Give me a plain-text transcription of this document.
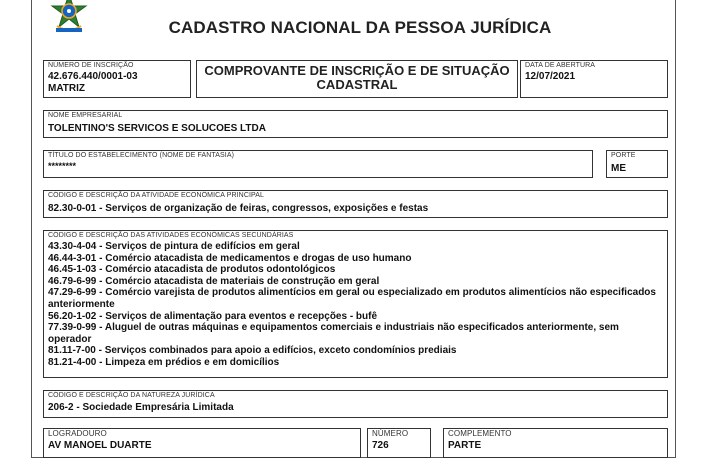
CADASTRO NACIONAL DA PESSOA JURÍDICA
NÚMERO DE INSCRIÇÃO
42.676.440/0001-03
MATRIZ
COMPROVANTE DE INSCRIÇÃO E DE SITUAÇÃO
CADASTRAL
DATA DE ABERTURA
12/07/2021
NOME EMPRESARIAL
TOLENTINO'S SERVICOS E SOLUCOES LTDA
TÍTULO DO ESTABELECIMENTO (NOME DE FANTASIA)
********
PORTE
ME
CÓDIGO E DESCRIÇÃO DA ATIVIDADE ECONÔMICA PRINCIPAL
82.30-0-01 - Serviços de organização de feiras, congressos, exposições e festas
CÓDIGO E DESCRIÇÃO DAS ATIVIDADES ECONÔMICAS SECUNDÁRIAS
43.30-4-04 - Serviços de pintura de edifícios em geral
46.44-3-01 - Comércio atacadista de medicamentos e drogas de uso humano
46.45-1-03 - Comércio atacadista de produtos odontológicos
46.79-6-99 - Comércio atacadista de materiais de construção em geral
47.29-6-99 - Comércio varejista de produtos alimentícios em geral ou especializado em produtos alimentícios não especificados anteriormente
56.20-1-02 - Serviços de alimentação para eventos e recepções - bufê
77.39-0-99 - Aluguel de outras máquinas e equipamentos comerciais e industriais não especificados anteriormente, sem operador
81.11-7-00 - Serviços combinados para apoio a edifícios, exceto condomínios prediais
81.21-4-00 - Limpeza em prédios e em domicílios
CÓDIGO E DESCRIÇÃO DA NATUREZA JURÍDICA
206-2 - Sociedade Empresária Limitada
LOGRADOURO
AV MANOEL DUARTE
NÚMERO
726
COMPLEMENTO
PARTE
